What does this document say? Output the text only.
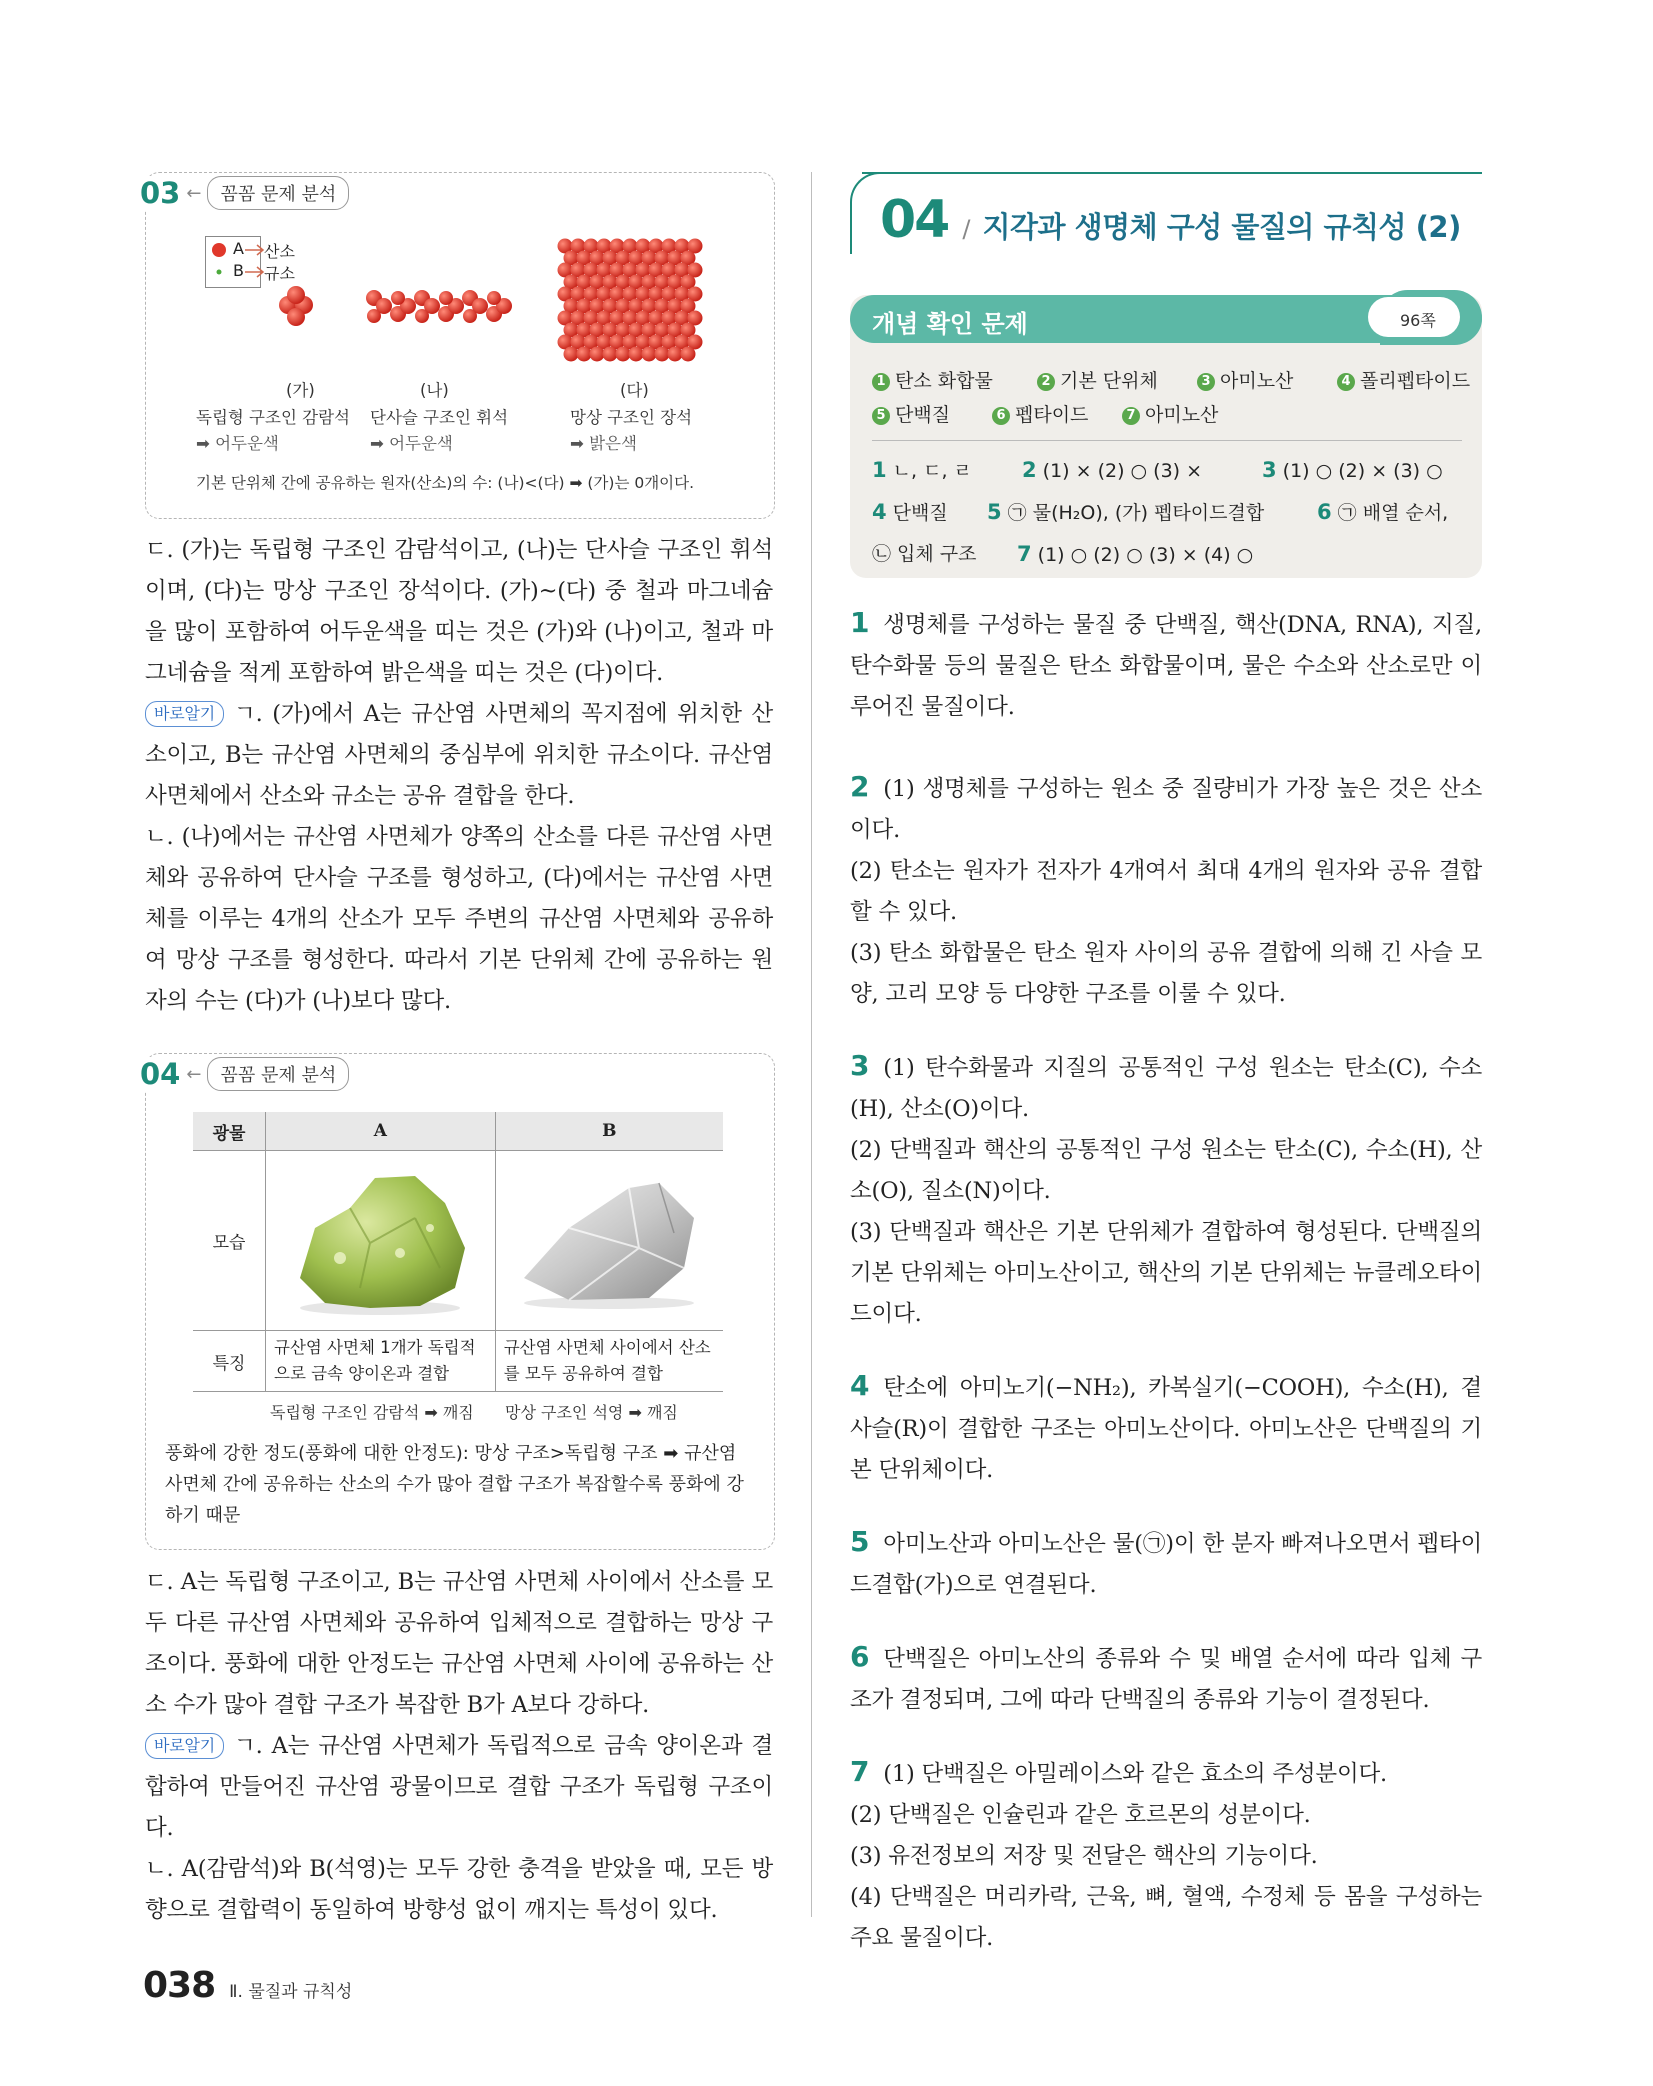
03 ←	꼼꼼 문제 분석
A
B
산소
규소
(가)	(나)	(다)
독립형 구조인 감람석
➡ 어두운색
단사슬 구조인 휘석
➡ 어두운색
망상 구조인 장석
➡ 밝은색
기본 단위체 간에 공유하는 원자(산소)의 수: (나)<(다) ➡ (가)는 0개이다.

ㄷ. (가)는 독립형 구조인 감람석이고, (나)는 단사슬 구조인 휘석이며, (다)는 망상 구조인 장석이다. (가)~(다) 중 철과 마그네슘을 많이 포함하여 어두운색을 띠는 것은 (가)와 (나)이고, 철과 마그네슘을 적게 포함하여 밝은색을 띠는 것은 (다)이다.

바로알기 ㄱ. (가)에서 A는 규산염 사면체의 꼭지점에 위치한 산소이고, B는 규산염 사면체의 중심부에 위치한 규소이다. 규산염 사면체에서 산소와 규소는 공유 결합을 한다.

ㄴ. (나)에서는 규산염 사면체가 양쪽의 산소를 다른 규산염 사면체와 공유하여 단사슬 구조를 형성하고, (다)에서는 규산염 사면체를 이루는 4개의 산소가 모두 주변의 규산염 사면체와 공유하여 망상 구조를 형성한다. 따라서 기본 단위체 간에 공유하는 원자의 수는 (다)가 (나)보다 많다.

04 ←	꼼꼼 문제 분석
광물	A	B
모습		
특징	규산염 사면체 1개가 독립적으로 금속 양이온과 결합	규산염 사면체 사이에서 산소를 모두 공유하여 결합
독립형 구조인 감람석 ➡ 깨짐 망상 구조인 석영 ➡ 깨짐
풍화에 강한 정도(풍화에 대한 안정도): 망상 구조>독립형 구조 ➡ 규산염 사면체 간에 공유하는 산소의 수가 많아 결합 구조가 복잡할수록 풍화에 강하기 때문

ㄷ. A는 독립형 구조이고, B는 규산염 사면체 사이에서 산소를 모두 다른 규산염 사면체와 공유하여 입체적으로 결합하는 망상 구조이다. 풍화에 대한 안정도는 규산염 사면체 사이에 공유하는 산소 수가 많아 결합 구조가 복잡한 B가 A보다 강하다.

바로알기 ㄱ. A는 규산염 사면체가 독립적으로 금속 양이온과 결합하여 만들어진 규산염 광물이므로 결합 구조가 독립형 구조이다.

ㄴ. A(감람석)와 B(석영)는 모두 강한 충격을 받았을 때, 모든 방향으로 결합력이 동일하여 방향성 없이 깨지는 특성이 있다.

04 / 지각과 생명체 구성 물질의 규칙성 (2)
개념 확인 문제	96쪽
1 탄소 화합물	2 기본 단위체	3 아미노산	4 폴리펩타이드
5 단백질	6 펩타이드	7 아미노산
1 ㄴ, ㄷ, ㄹ	2 (1) × (2) ○ (3) ×	3 (1) ○ (2) × (3) ○
4 단백질	5 ㉠ 물(H₂O), (가) 펩타이드결합	6 ㉠ 배열 순서,
㉡ 입체 구조	7 (1) ○ (2) ○ (3) × (4) ○

1 생명체를 구성하는 물질 중 단백질, 핵산(DNA, RNA), 지질, 탄수화물 등의 물질은 탄소 화합물이며, 물은 수소와 산소로만 이루어진 물질이다.

2 (1) 생명체를 구성하는 원소 중 질량비가 가장 높은 것은 산소이다.

(2) 탄소는 원자가 전자가 4개여서 최대 4개의 원자와 공유 결합할 수 있다.

(3) 탄소 화합물은 탄소 원자 사이의 공유 결합에 의해 긴 사슬 모양, 고리 모양 등 다양한 구조를 이룰 수 있다.

3 (1) 탄수화물과 지질의 공통적인 구성 원소는 탄소(C), 수소(H), 산소(O)이다.

(2) 단백질과 핵산의 공통적인 구성 원소는 탄소(C), 수소(H), 산소(O), 질소(N)이다.

(3) 단백질과 핵산은 기본 단위체가 결합하여 형성된다. 단백질의 기본 단위체는 아미노산이고, 핵산의 기본 단위체는 뉴클레오타이드이다.

4 탄소에 아미노기(−NH₂), 카복실기(−COOH), 수소(H), 곁사슬(R)이 결합한 구조는 아미노산이다. 아미노산은 단백질의 기본 단위체이다.

5 아미노산과 아미노산은 물(㉠)이 한 분자 빠져나오면서 펩타이드결합(가)으로 연결된다.

6 단백질은 아미노산의 종류와 수 및 배열 순서에 따라 입체 구조가 결정되며, 그에 따라 단백질의 종류와 기능이 결정된다.

7 (1) 단백질은 아밀레이스와 같은 효소의 주성분이다.

(2) 단백질은 인슐린과 같은 호르몬의 성분이다.

(3) 유전정보의 저장 및 전달은 핵산의 기능이다.

(4) 단백질은 머리카락, 근육, 뼈, 혈액, 수정체 등 몸을 구성하는 주요 물질이다.

038 Ⅱ. 물질과 규칙성
